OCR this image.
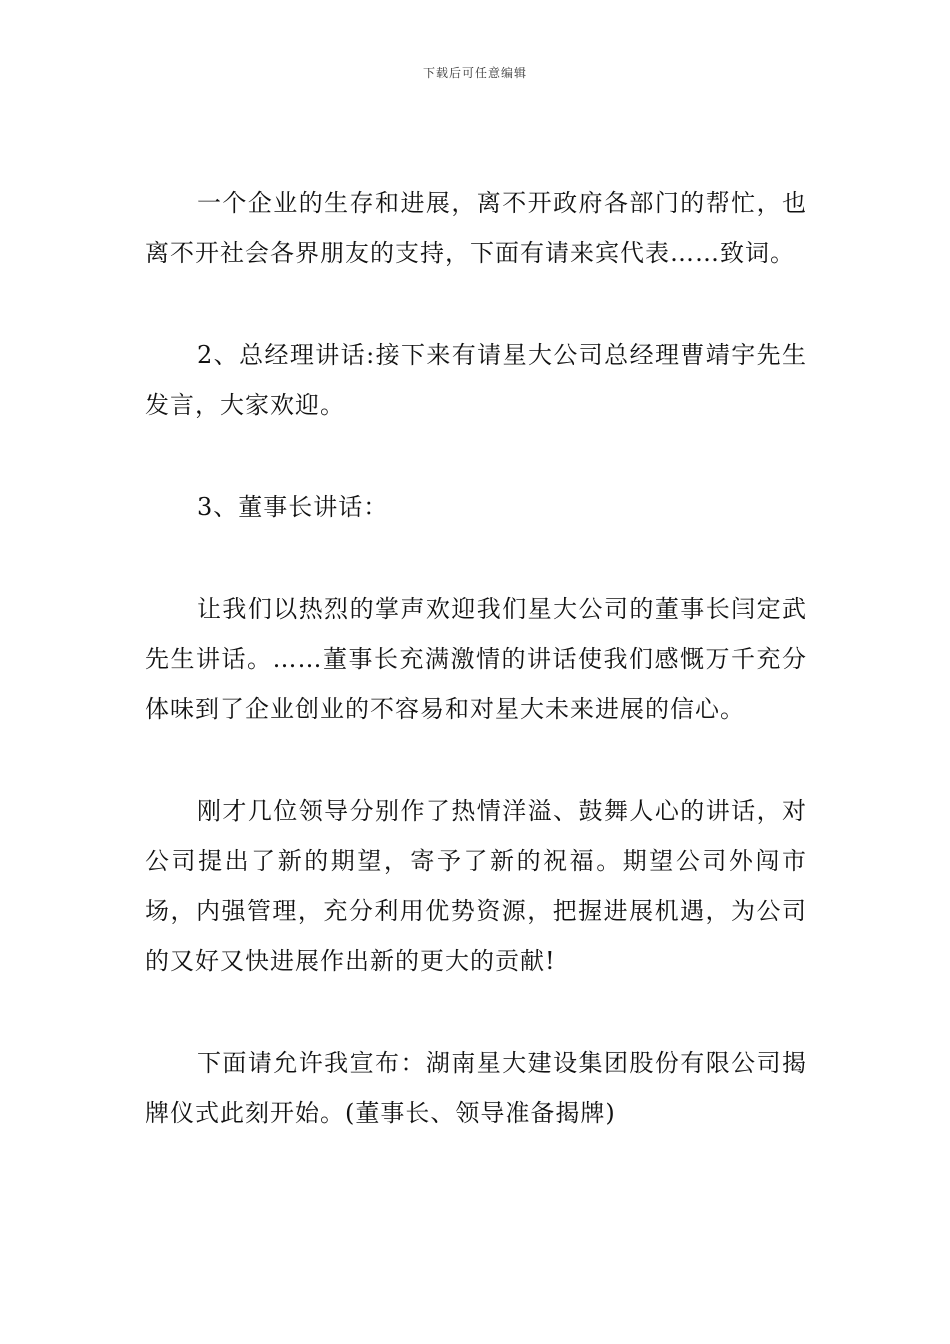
下载后可任意编辑

一个企业的生存和进展，离不开政府各部门的帮忙，也离不开社会各界朋友的支持，下面有请来宾代表……致词。

2、总经理讲话:接下来有请星大公司总经理曹靖宇先生发言，大家欢迎。

3、董事长讲话：

让我们以热烈的掌声欢迎我们星大公司的董事长闫定武先生讲话。……董事长充满激情的讲话使我们感慨万千充分体味到了企业创业的不容易和对星大未来进展的信心。

刚才几位领导分别作了热情洋溢、鼓舞人心的讲话，对公司提出了新的期望，寄予了新的祝福。期望公司外闯市场，内强管理，充分利用优势资源，把握进展机遇，为公司的又好又快进展作出新的更大的贡献!

下面请允许我宣布：湖南星大建设集团股份有限公司揭牌仪式此刻开始。(董事长、领导准备揭牌)
